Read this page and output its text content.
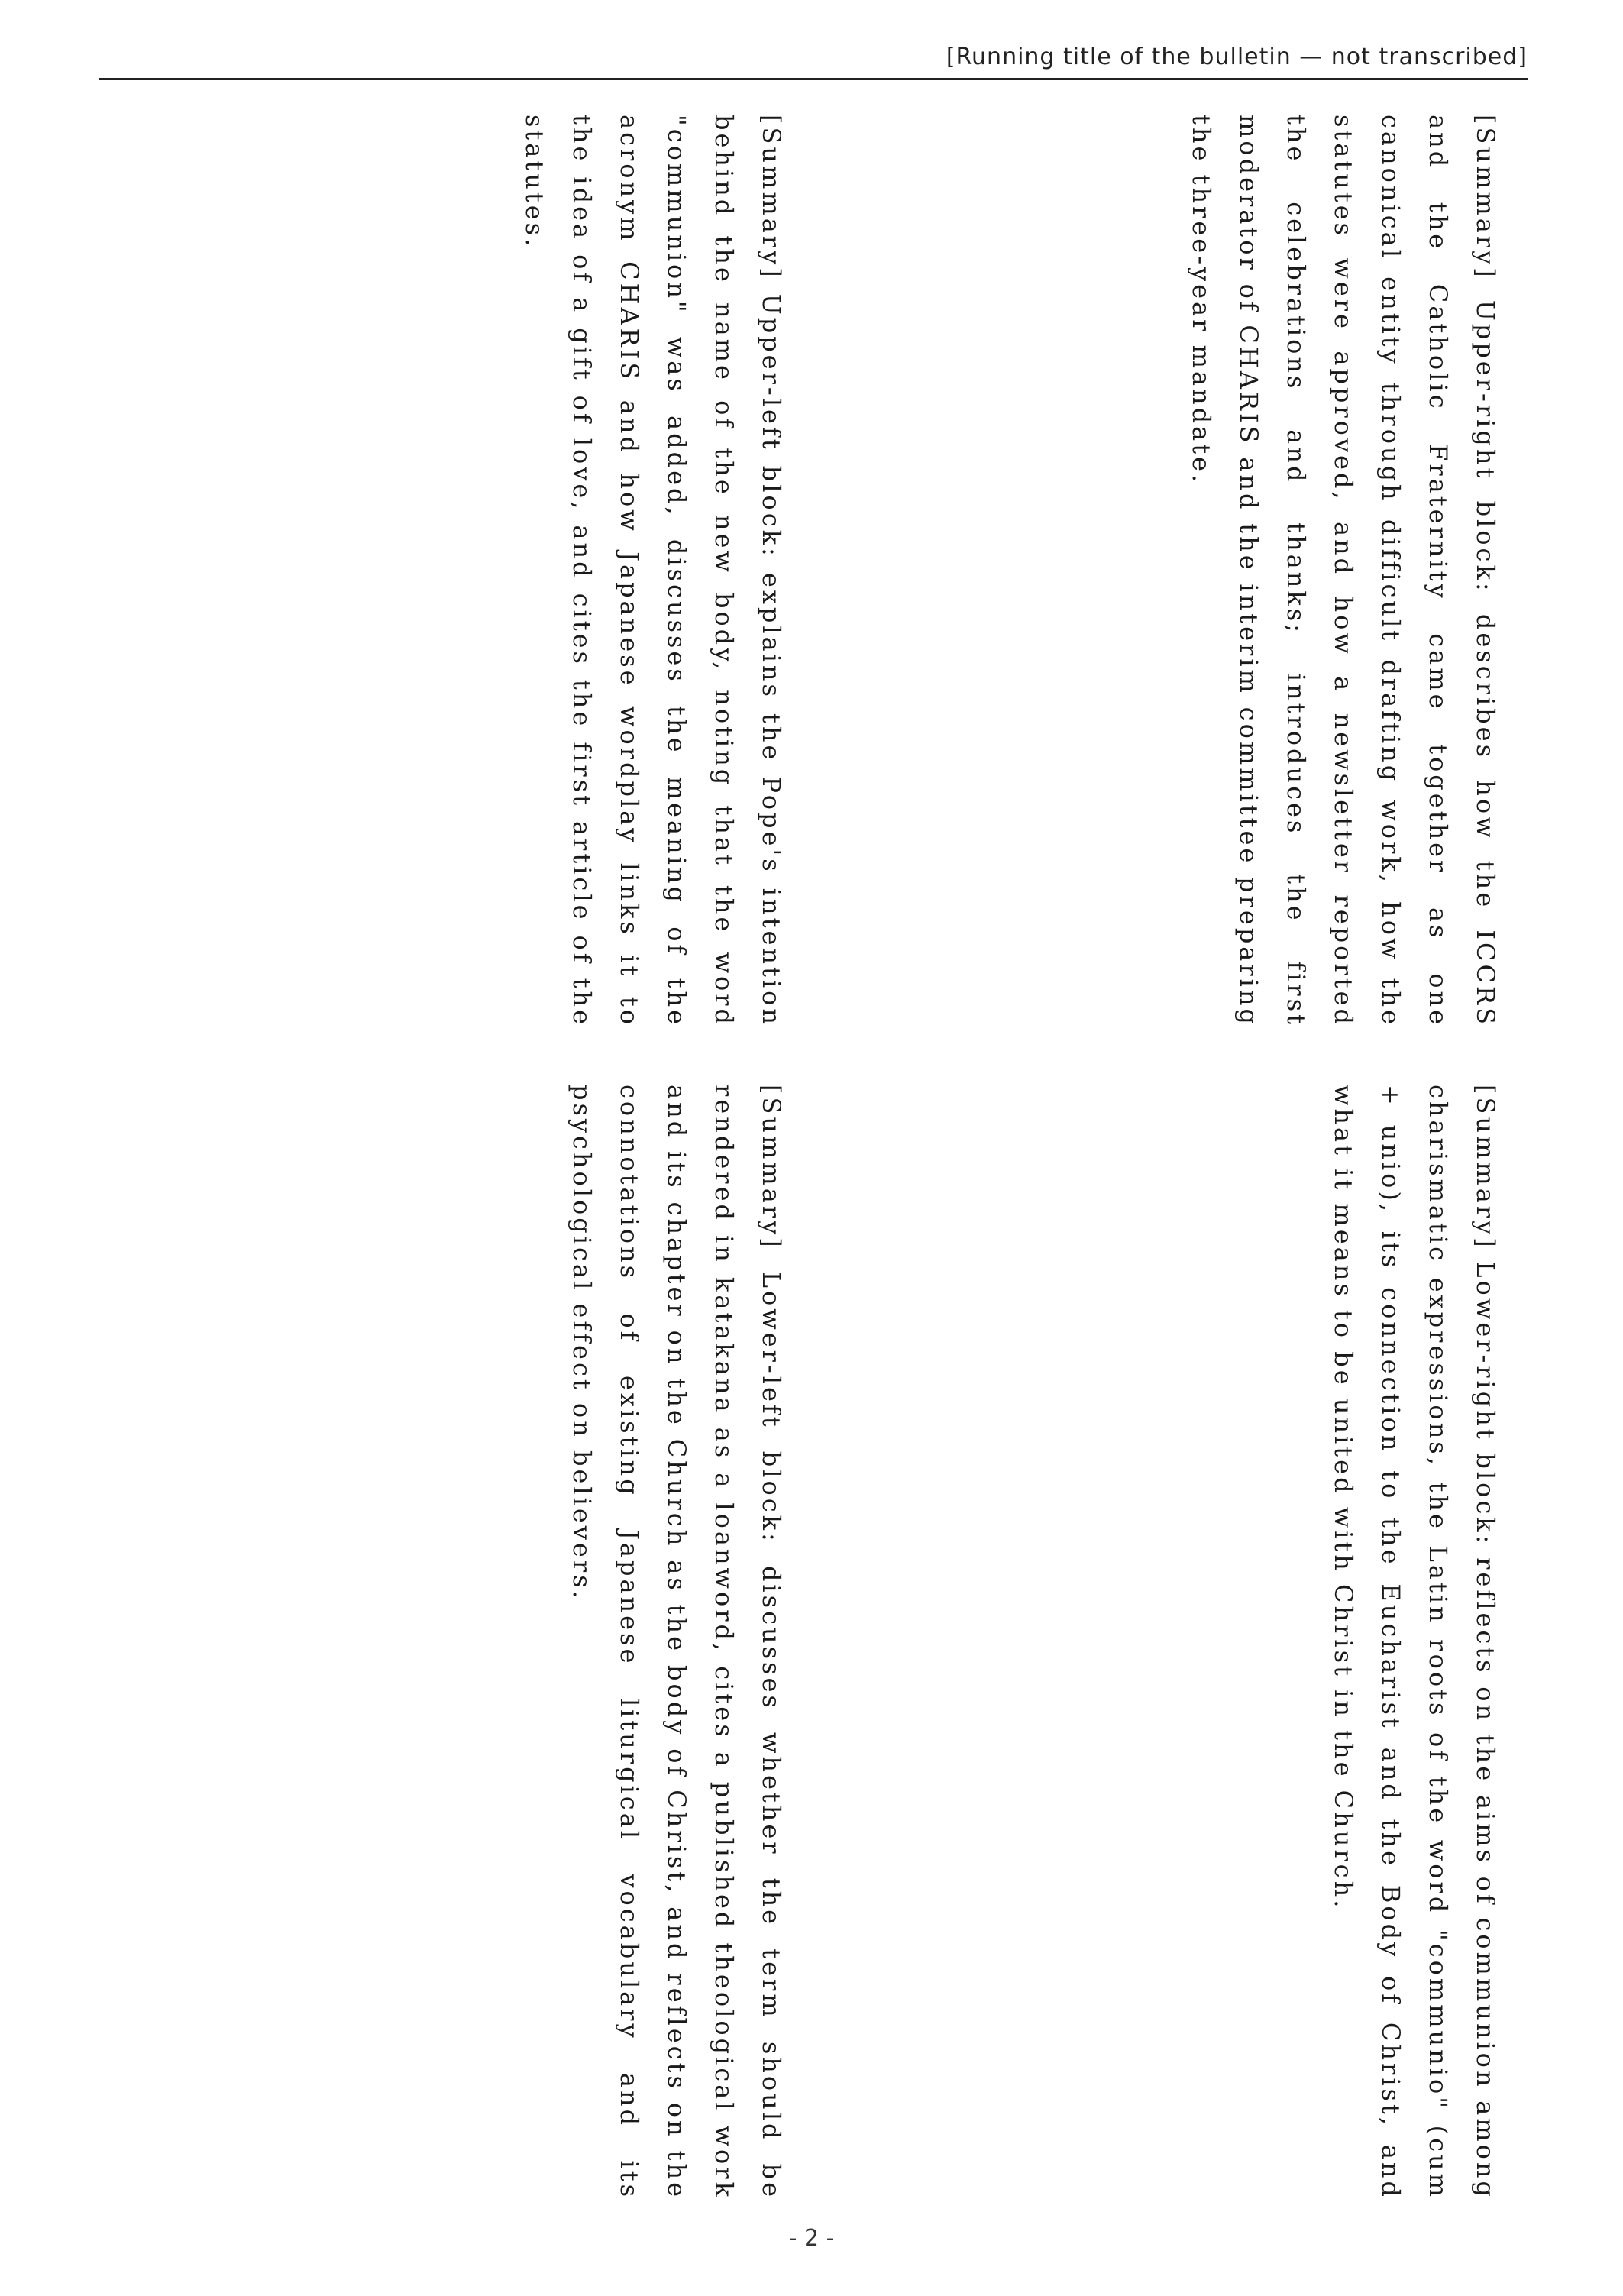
[Running title of the bulletin — not transcribed]
[Summary] Upper-right block: describes how the ICCRS and the Catholic Fraternity came together as one canonical entity through difficult drafting work, how the statutes were approved, and how a newsletter reported the celebrations and thanks; introduces the first moderator of CHARIS and the interim committee preparing the three-year mandate.
[Summary] Upper-left block: explains the Pope's intention behind the name of the new body, noting that the word "communion" was added, discusses the meaning of the acronym CHARIS and how Japanese wordplay links it to the idea of a gift of love, and cites the first article of the statutes.
[Summary] Lower-right block: reflects on the aims of communion among charismatic expressions, the Latin roots of the word "communio" (cum + unio), its connection to the Eucharist and the Body of Christ, and what it means to be united with Christ in the Church.
[Summary] Lower-left block: discusses whether the term should be rendered in katakana as a loanword, cites a published theological work and its chapter on the Church as the body of Christ, and reflects on the connotations of existing Japanese liturgical vocabulary and its psychological effect on believers.
- 2 -
